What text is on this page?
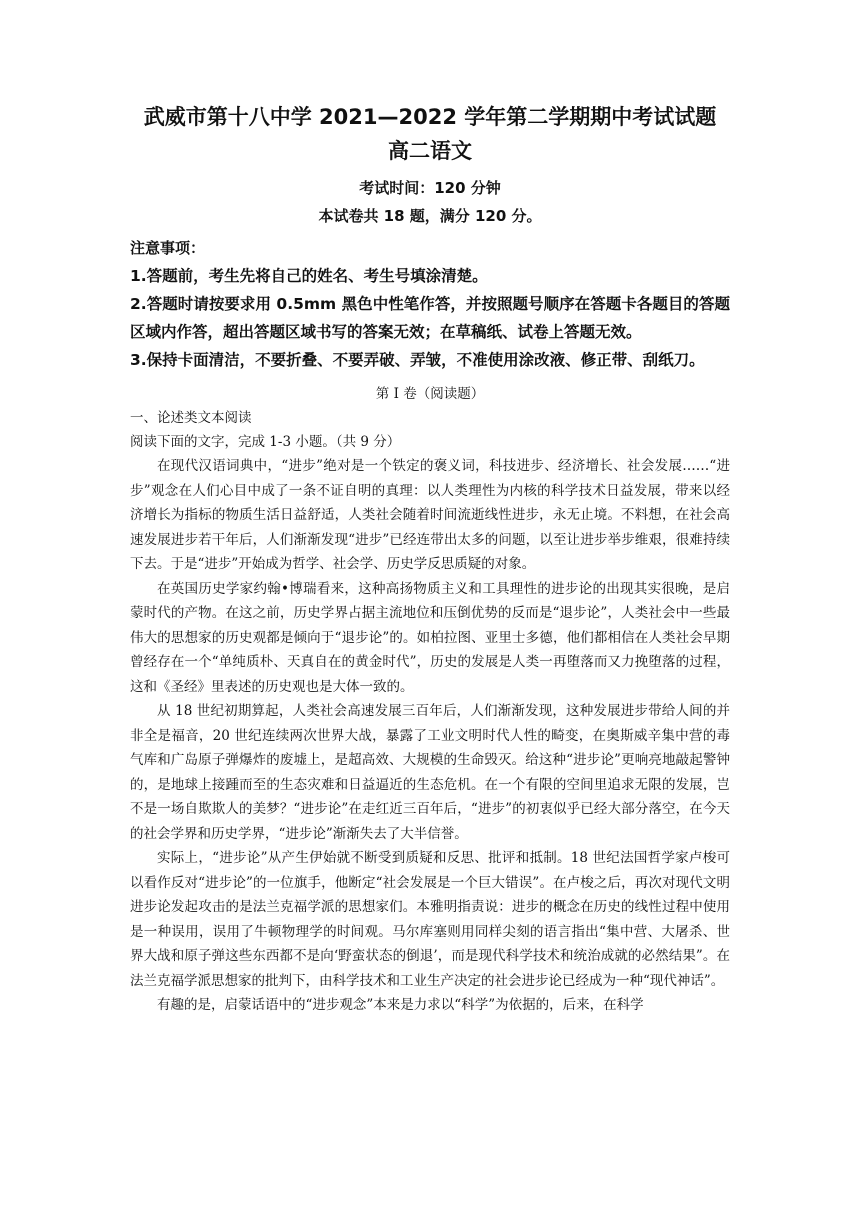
武威市第十八中学 2021—2022 学年第二学期期中考试试题
高二语文
考试时间：120 分钟
本试卷共 18 题，满分 120 分。
注意事项：

1.答题前，考生先将自己的姓名、考生号填涂清楚。

2.答题时请按要求用 0.5mm 黑色中性笔作答，并按照题号顺序在答题卡各题目的答题区域内作答，超出答题区域书写的答案无效；在草稿纸、试卷上答题无效。

3.保持卡面清洁，不要折叠、不要弄破、弄皱，不准使用涂改液、修正带、刮纸刀。

第 I 卷（阅读题）
一、论述类文本阅读
阅读下面的文字，完成 1-3 小题。（共 9 分）

在现代汉语词典中，“进步”绝对是一个铁定的褒义词，科技进步、经济增长、社会发展……“进步”观念在人们心目中成了一条不证自明的真理：以人类理性为内核的科学技术日益发展，带来以经济增长为指标的物质生活日益舒适，人类社会随着时间流逝线性进步，永无止境。不料想，在社会高速发展进步若干年后，人们渐渐发现“进步”已经连带出太多的问题，以至让进步举步维艰，很难持续下去。于是“进步”开始成为哲学、社会学、历史学反思质疑的对象。

在英国历史学家约翰•博瑞看来，这种高扬物质主义和工具理性的进步论的出现其实很晚，是启蒙时代的产物。在这之前，历史学界占据主流地位和压倒优势的反而是“退步论”，人类社会中一些最伟大的思想家的历史观都是倾向于“退步论”的。如柏拉图、亚里士多德，他们都相信在人类社会早期曾经存在一个“单纯质朴、天真自在的黄金时代”，历史的发展是人类一再堕落而又力挽堕落的过程，这和《圣经》里表述的历史观也是大体一致的。

从 18 世纪初期算起，人类社会高速发展三百年后，人们渐渐发现，这种发展进步带给人间的并非全是福音，20 世纪连续两次世界大战，暴露了工业文明时代人性的畸变，在奥斯威辛集中营的毒气库和广岛原子弹爆炸的废墟上，是超高效、大规模的生命毁灭。给这种“进步论”更响亮地敲起警钟的，是地球上接踵而至的生态灾难和日益逼近的生态危机。在一个有限的空间里追求无限的发展，岂不是一场自欺欺人的美梦？“进步论”在走红近三百年后，“进步”的初衷似乎已经大部分落空，在今天的社会学界和历史学界，“进步论”渐渐失去了大半信誉。

实际上，“进步论”从产生伊始就不断受到质疑和反思、批评和抵制。18 世纪法国哲学家卢梭可以看作反对“进步论”的一位旗手，他断定“社会发展是一个巨大错误”。在卢梭之后，再次对现代文明进步论发起攻击的是法兰克福学派的思想家们。本雅明指责说：进步的概念在历史的线性过程中使用是一种误用，误用了牛顿物理学的时间观。马尔库塞则用同样尖刻的语言指出“集中营、大屠杀、世界大战和原子弹这些东西都不是向‘野蛮状态的倒退’，而是现代科学技术和统治成就的必然结果”。在法兰克福学派思想家的批判下，由科学技术和工业生产决定的社会进步论已经成为一种“现代神话”。

有趣的是，启蒙话语中的“进步观念”本来是力求以“科学”为依据的，后来，在科学
